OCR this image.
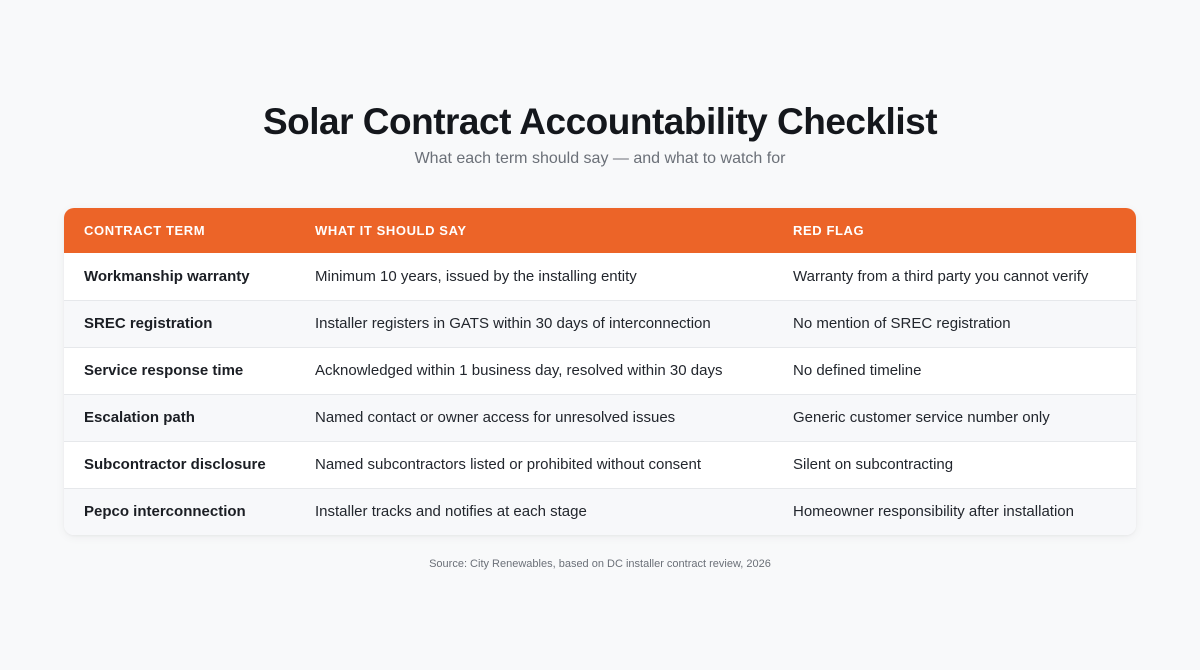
Solar Contract Accountability Checklist
What each term should say — and what to watch for
CONTRACT TERM	WHAT IT SHOULD SAY	RED FLAG
Workmanship warranty	Minimum 10 years, issued by the installing entity	Warranty from a third party you cannot verify
SREC registration	Installer registers in GATS within 30 days of interconnection	No mention of SREC registration
Service response time	Acknowledged within 1 business day, resolved within 30 days	No defined timeline
Escalation path	Named contact or owner access for unresolved issues	Generic customer service number only
Subcontractor disclosure	Named subcontractors listed or prohibited without consent	Silent on subcontracting
Pepco interconnection	Installer tracks and notifies at each stage	Homeowner responsibility after installation
Source: City Renewables, based on DC installer contract review, 2026
